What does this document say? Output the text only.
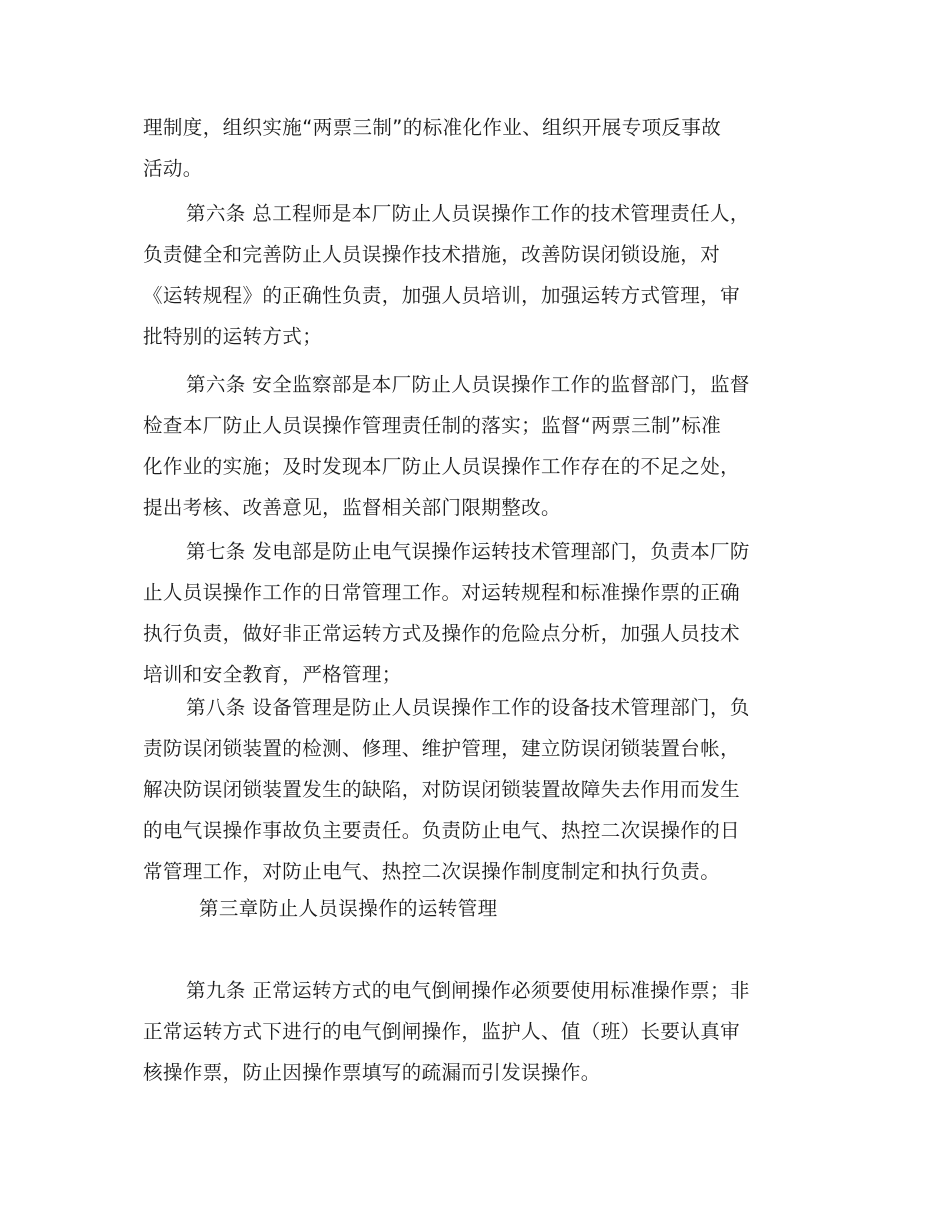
理制度，组织实施“两票三制”的标准化作业、组织开展专项反事故
活动。
第六条 总工程师是本厂防止人员误操作工作的技术管理责任人，
负责健全和完善防止人员误操作技术措施，改善防误闭锁设施，对
《运转规程》的正确性负责，加强人员培训，加强运转方式管理，审
批特别的运转方式；
第六条 安全监察部是本厂防止人员误操作工作的监督部门，监督
检查本厂防止人员误操作管理责任制的落实；监督“两票三制”标准
化作业的实施；及时发现本厂防止人员误操作工作存在的不足之处，
提出考核、改善意见，监督相关部门限期整改。
第七条 发电部是防止电气误操作运转技术管理部门，负责本厂防
止人员误操作工作的日常管理工作。对运转规程和标准操作票的正确
执行负责，做好非正常运转方式及操作的危险点分析，加强人员技术
培训和安全教育，严格管理；
第八条 设备管理是防止人员误操作工作的设备技术管理部门，负
责防误闭锁装置的检测、修理、维护管理，建立防误闭锁装置台帐，
解决防误闭锁装置发生的缺陷，对防误闭锁装置故障失去作用而发生
的电气误操作事故负主要责任。负责防止电气、热控二次误操作的日
常管理工作，对防止电气、热控二次误操作制度制定和执行负责。
第三章防止人员误操作的运转管理
第九条 正常运转方式的电气倒闸操作必须要使用标准操作票；非
正常运转方式下进行的电气倒闸操作，监护人、值（班）长要认真审
核操作票，防止因操作票填写的疏漏而引发误操作。
